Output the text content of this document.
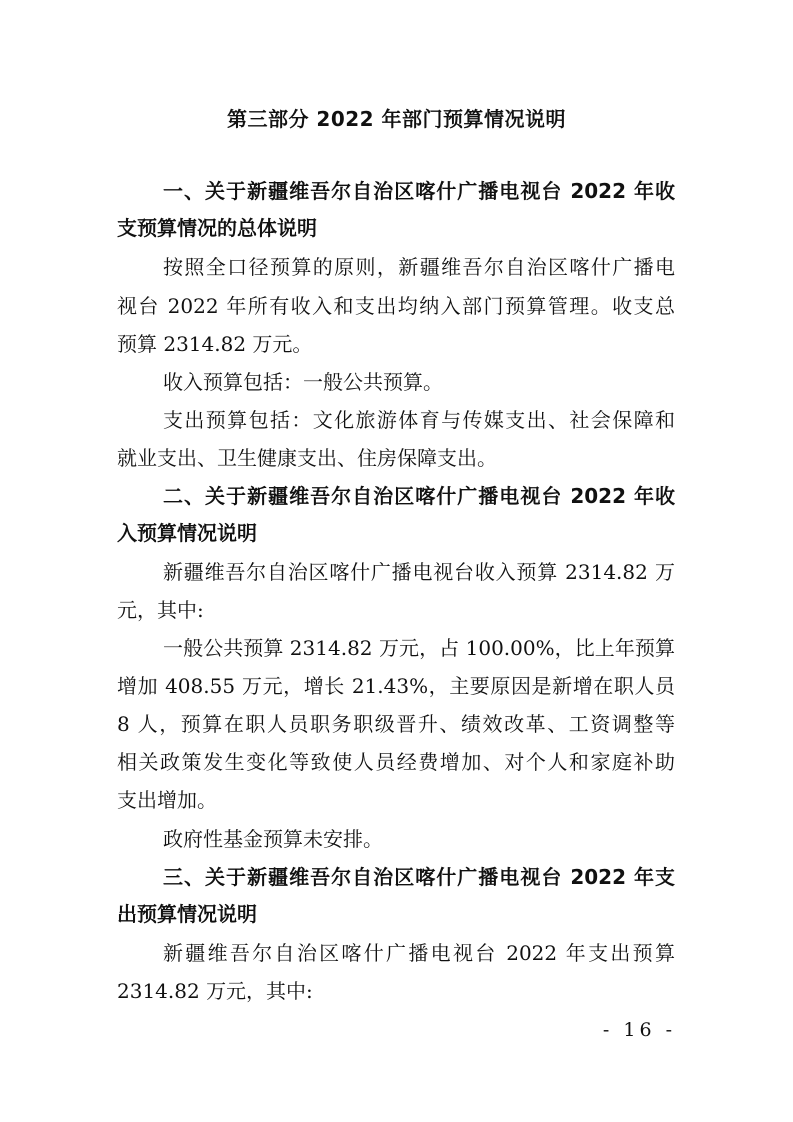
第三部分 2022 年部门预算情况说明

一、关于新疆维吾尔自治区喀什广播电视台 2022 年收

支预算情况的总体说明

按照全口径预算的原则，新疆维吾尔自治区喀什广播电

视台 2022 年所有收入和支出均纳入部门预算管理。收支总

预算 2314.82 万元。

收入预算包括：一般公共预算。

支出预算包括：文化旅游体育与传媒支出、社会保障和

就业支出、卫生健康支出、住房保障支出。

二、关于新疆维吾尔自治区喀什广播电视台 2022 年收

入预算情况说明

新疆维吾尔自治区喀什广播电视台收入预算 2314.82 万

元，其中:

一般公共预算 2314.82 万元，占 100.00%，比上年预算

增加 408.55 万元，增长 21.43%，主要原因是新增在职人员

8 人，预算在职人员职务职级晋升、绩效改革、工资调整等

相关政策发生变化等致使人员经费增加、对个人和家庭补助

支出增加。

政府性基金预算未安排。

三、关于新疆维吾尔自治区喀什广播电视台 2022 年支

出预算情况说明

新疆维吾尔自治区喀什广播电视台 2022 年支出预算

2314.82 万元，其中:

- 16 -
